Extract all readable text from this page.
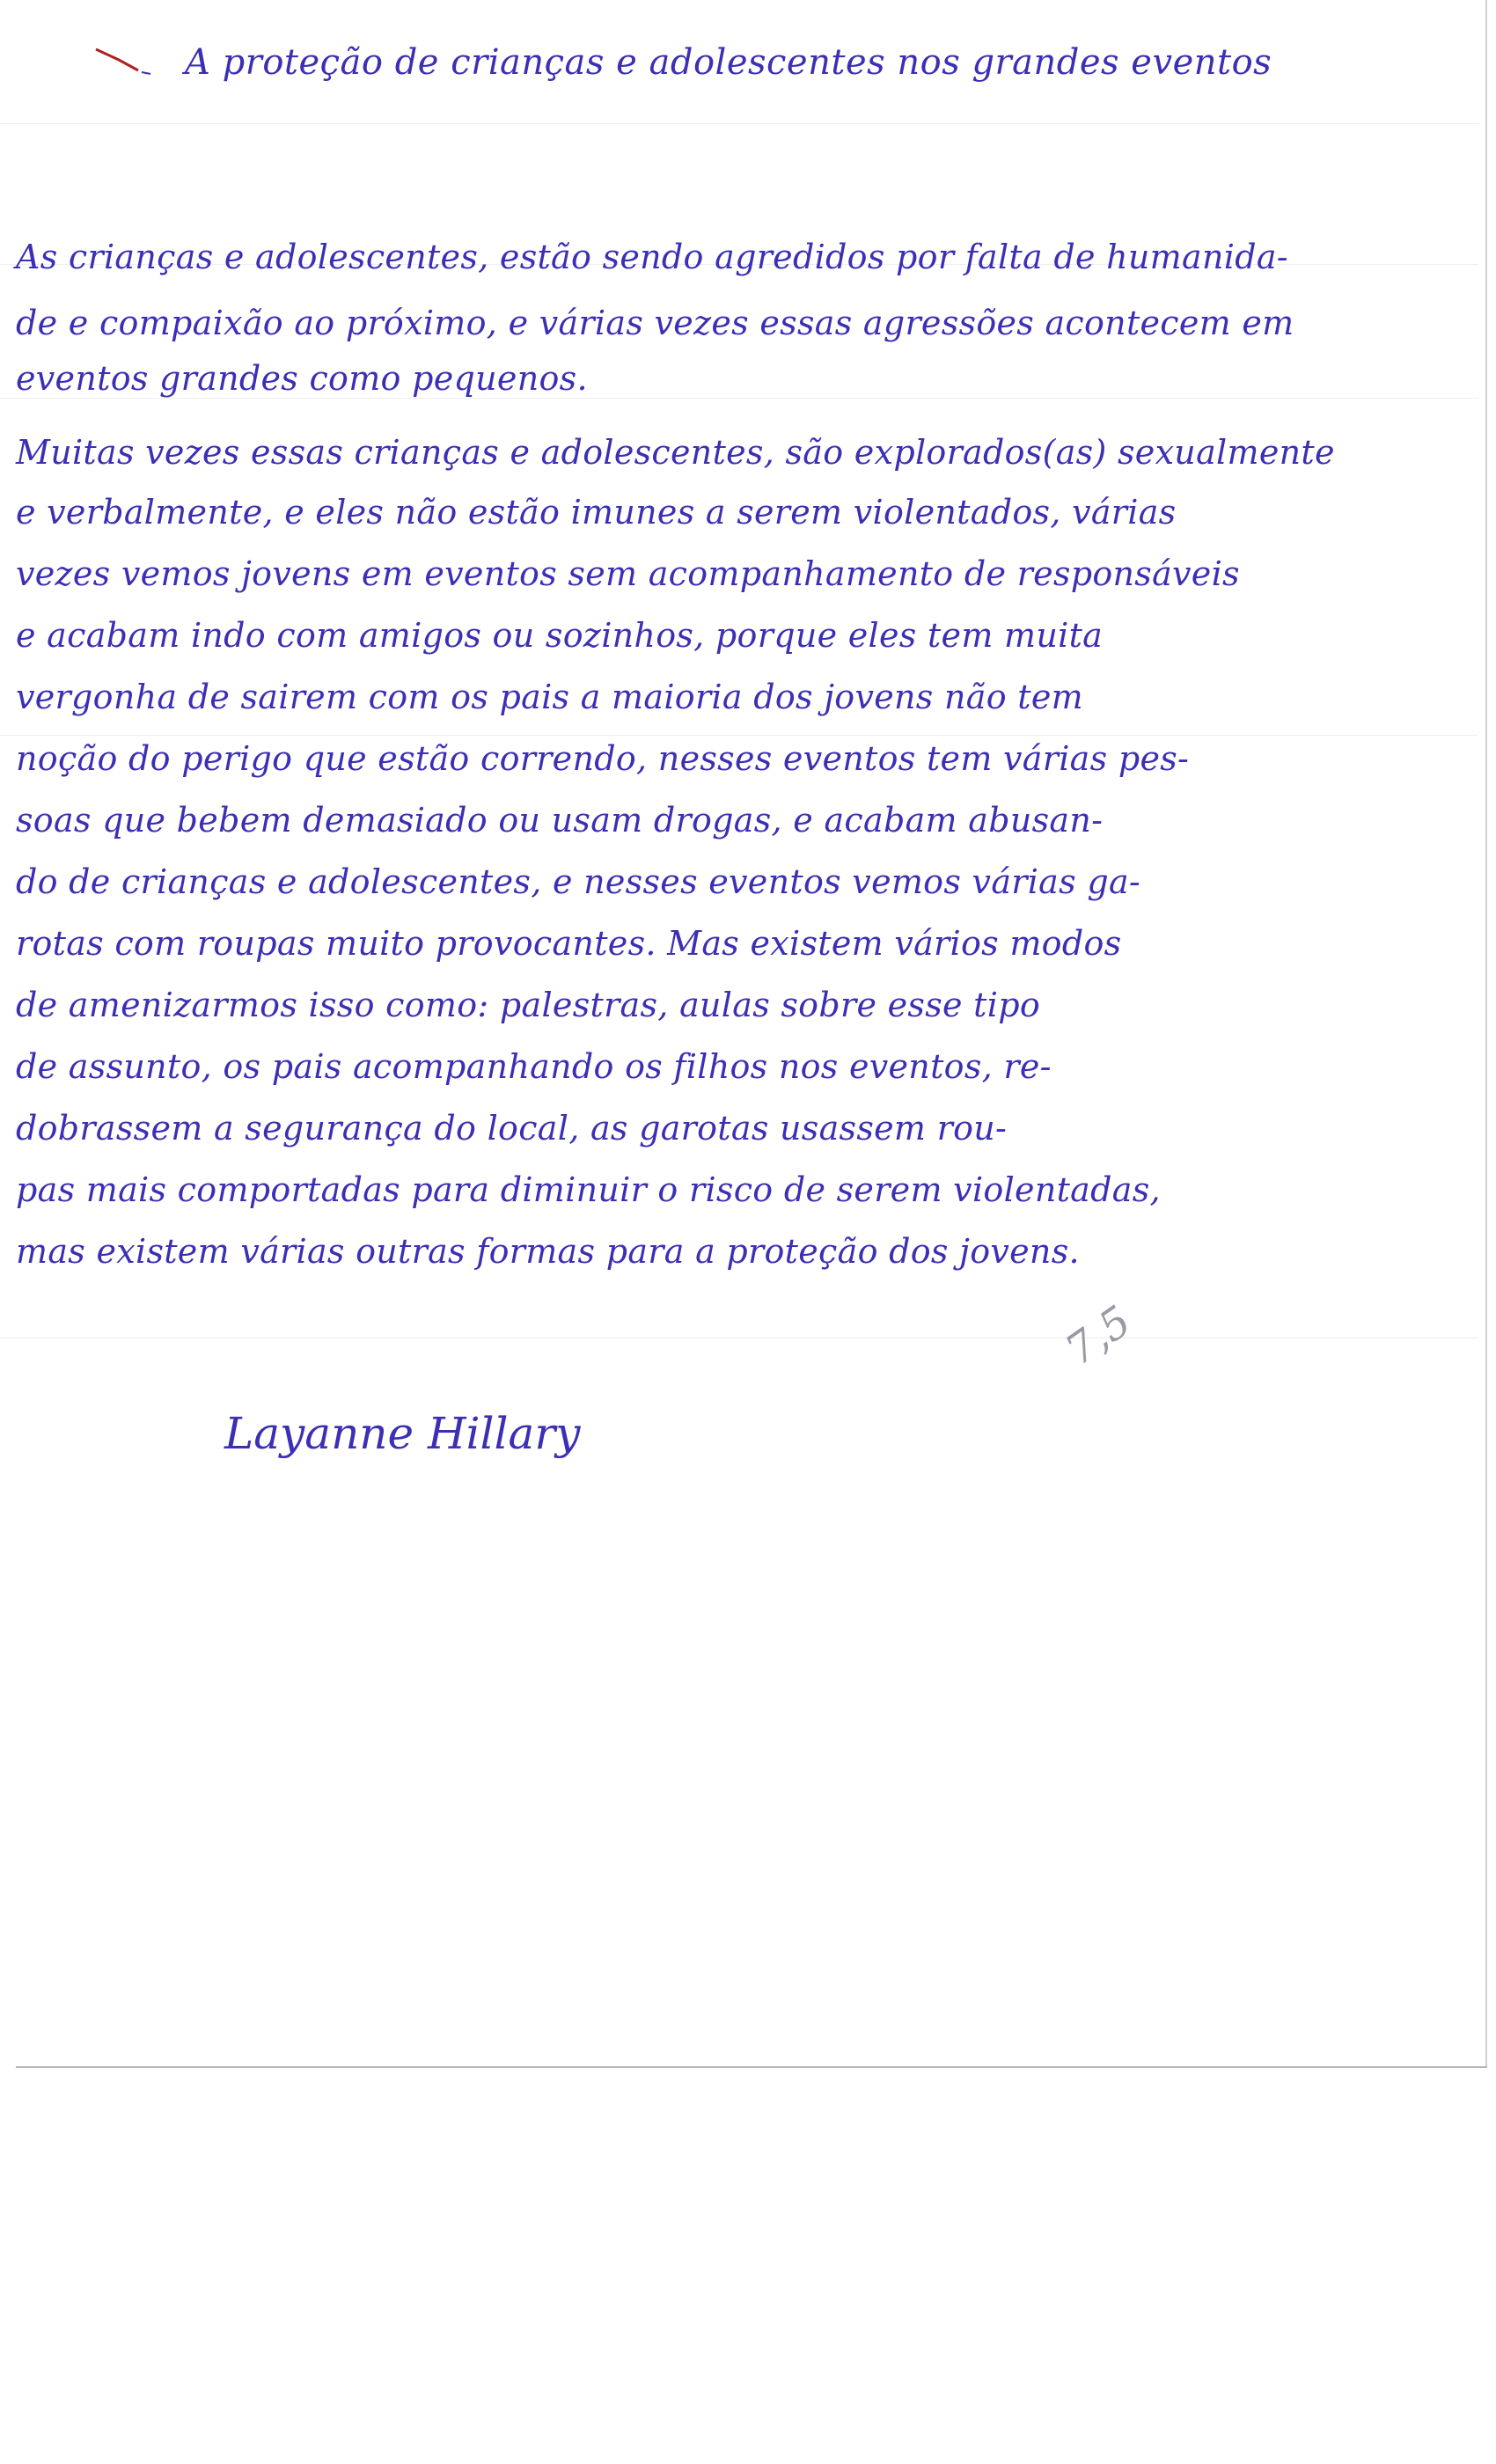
A proteção de crianças e adolescentes nos grandes eventos

As crianças e adolescentes, estão sendo agredidos por falta de humanida-

de e compaixão ao próximo, e várias vezes essas agressões acontecem em

eventos grandes como pequenos.

Muitas vezes essas crianças e adolescentes, são explorados(as) sexualmente

e verbalmente, e eles não estão imunes a serem violentados, várias

vezes vemos jovens em eventos sem acompanhamento de responsáveis

e acabam indo com amigos ou sozinhos, porque eles tem muita

vergonha de sairem com os pais a maioria dos jovens não tem

noção do perigo que estão correndo, nesses eventos tem várias pes-

soas que bebem demasiado ou usam drogas, e acabam abusan-

do de crianças e adolescentes, e nesses eventos vemos várias ga-

rotas com roupas muito provocantes. Mas existem vários modos

de amenizarmos isso como: palestras, aulas sobre esse tipo

de assunto, os pais acompanhando os filhos nos eventos, re-

dobrassem a segurança do local, as garotas usassem rou-

pas mais comportadas para diminuir o risco de serem violentadas,

mas existem várias outras formas para a proteção dos jovens.

7,5

Layanne Hillary
